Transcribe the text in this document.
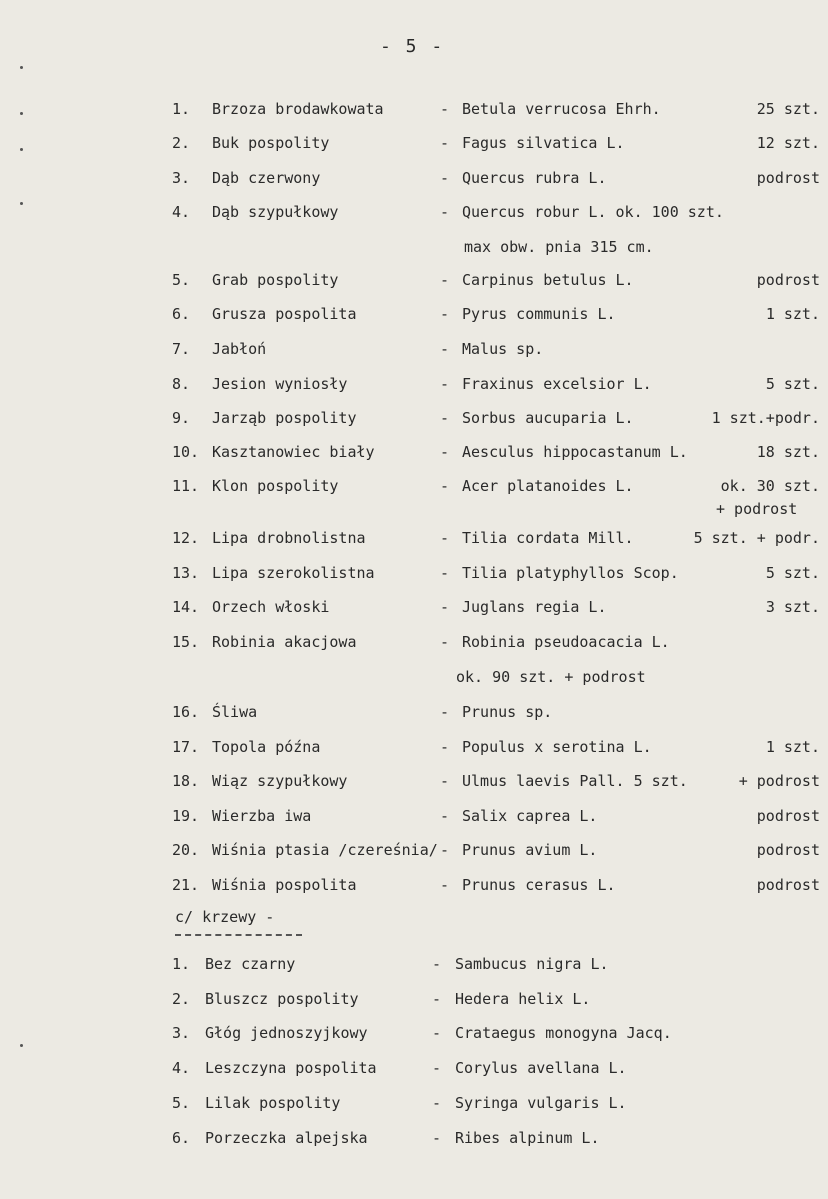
- 5 -
1. Brzoza brodawkowata	- Betula verrucosa Ehrh.	25 szt.
2. Buk pospolity	- Fagus silvatica L.	12 szt.
3. Dąb czerwony	- Quercus rubra L.	podrost
4. Dąb szypułkowy	- Quercus robur L. ok. 100 szt.
max obw. pnia 315 cm.
5. Grab pospolity	- Carpinus betulus L.	podrost
6. Grusza pospolita	- Pyrus communis L.	1 szt.
7. Jabłoń	- Malus sp.
8. Jesion wyniosły	- Fraxinus excelsior L.	5 szt.
9. Jarząb pospolity	- Sorbus aucuparia L.	1 szt.+podr.
10. Kasztanowiec biały	- Aesculus hippocastanum L.	18 szt.
11. Klon pospolity	- Acer platanoides L.	ok. 30 szt.
+ podrost
12. Lipa drobnolistna	- Tilia cordata Mill.	5 szt. + podr.
13. Lipa szerokolistna	- Tilia platyphyllos Scop.	5 szt.
14. Orzech włoski	- Juglans regia L.	3 szt.
15. Robinia akacjowa	- Robinia pseudoacacia L.
ok. 90 szt. + podrost
16. Śliwa	- Prunus sp.
17. Topola późna	- Populus x serotina L.	1 szt.
18. Wiąz szypułkowy	- Ulmus laevis Pall. 5 szt.	+ podrost
19. Wierzba iwa	- Salix caprea L.	podrost
20. Wiśnia ptasia /czereśnia/ - Prunus avium L.	podrost
21. Wiśnia pospolita	- Prunus cerasus L.	podrost
c/ krzewy -
1. Bez czarny	- Sambucus nigra L.
2. Bluszcz pospolity	- Hedera helix L.
3. Głóg jednoszyjkowy	- Crataegus monogyna Jacq.
4. Leszczyna pospolita	- Corylus avellana L.
5. Lilak pospolity	- Syringa vulgaris L.
6. Porzeczka alpejska	- Ribes alpinum L.
